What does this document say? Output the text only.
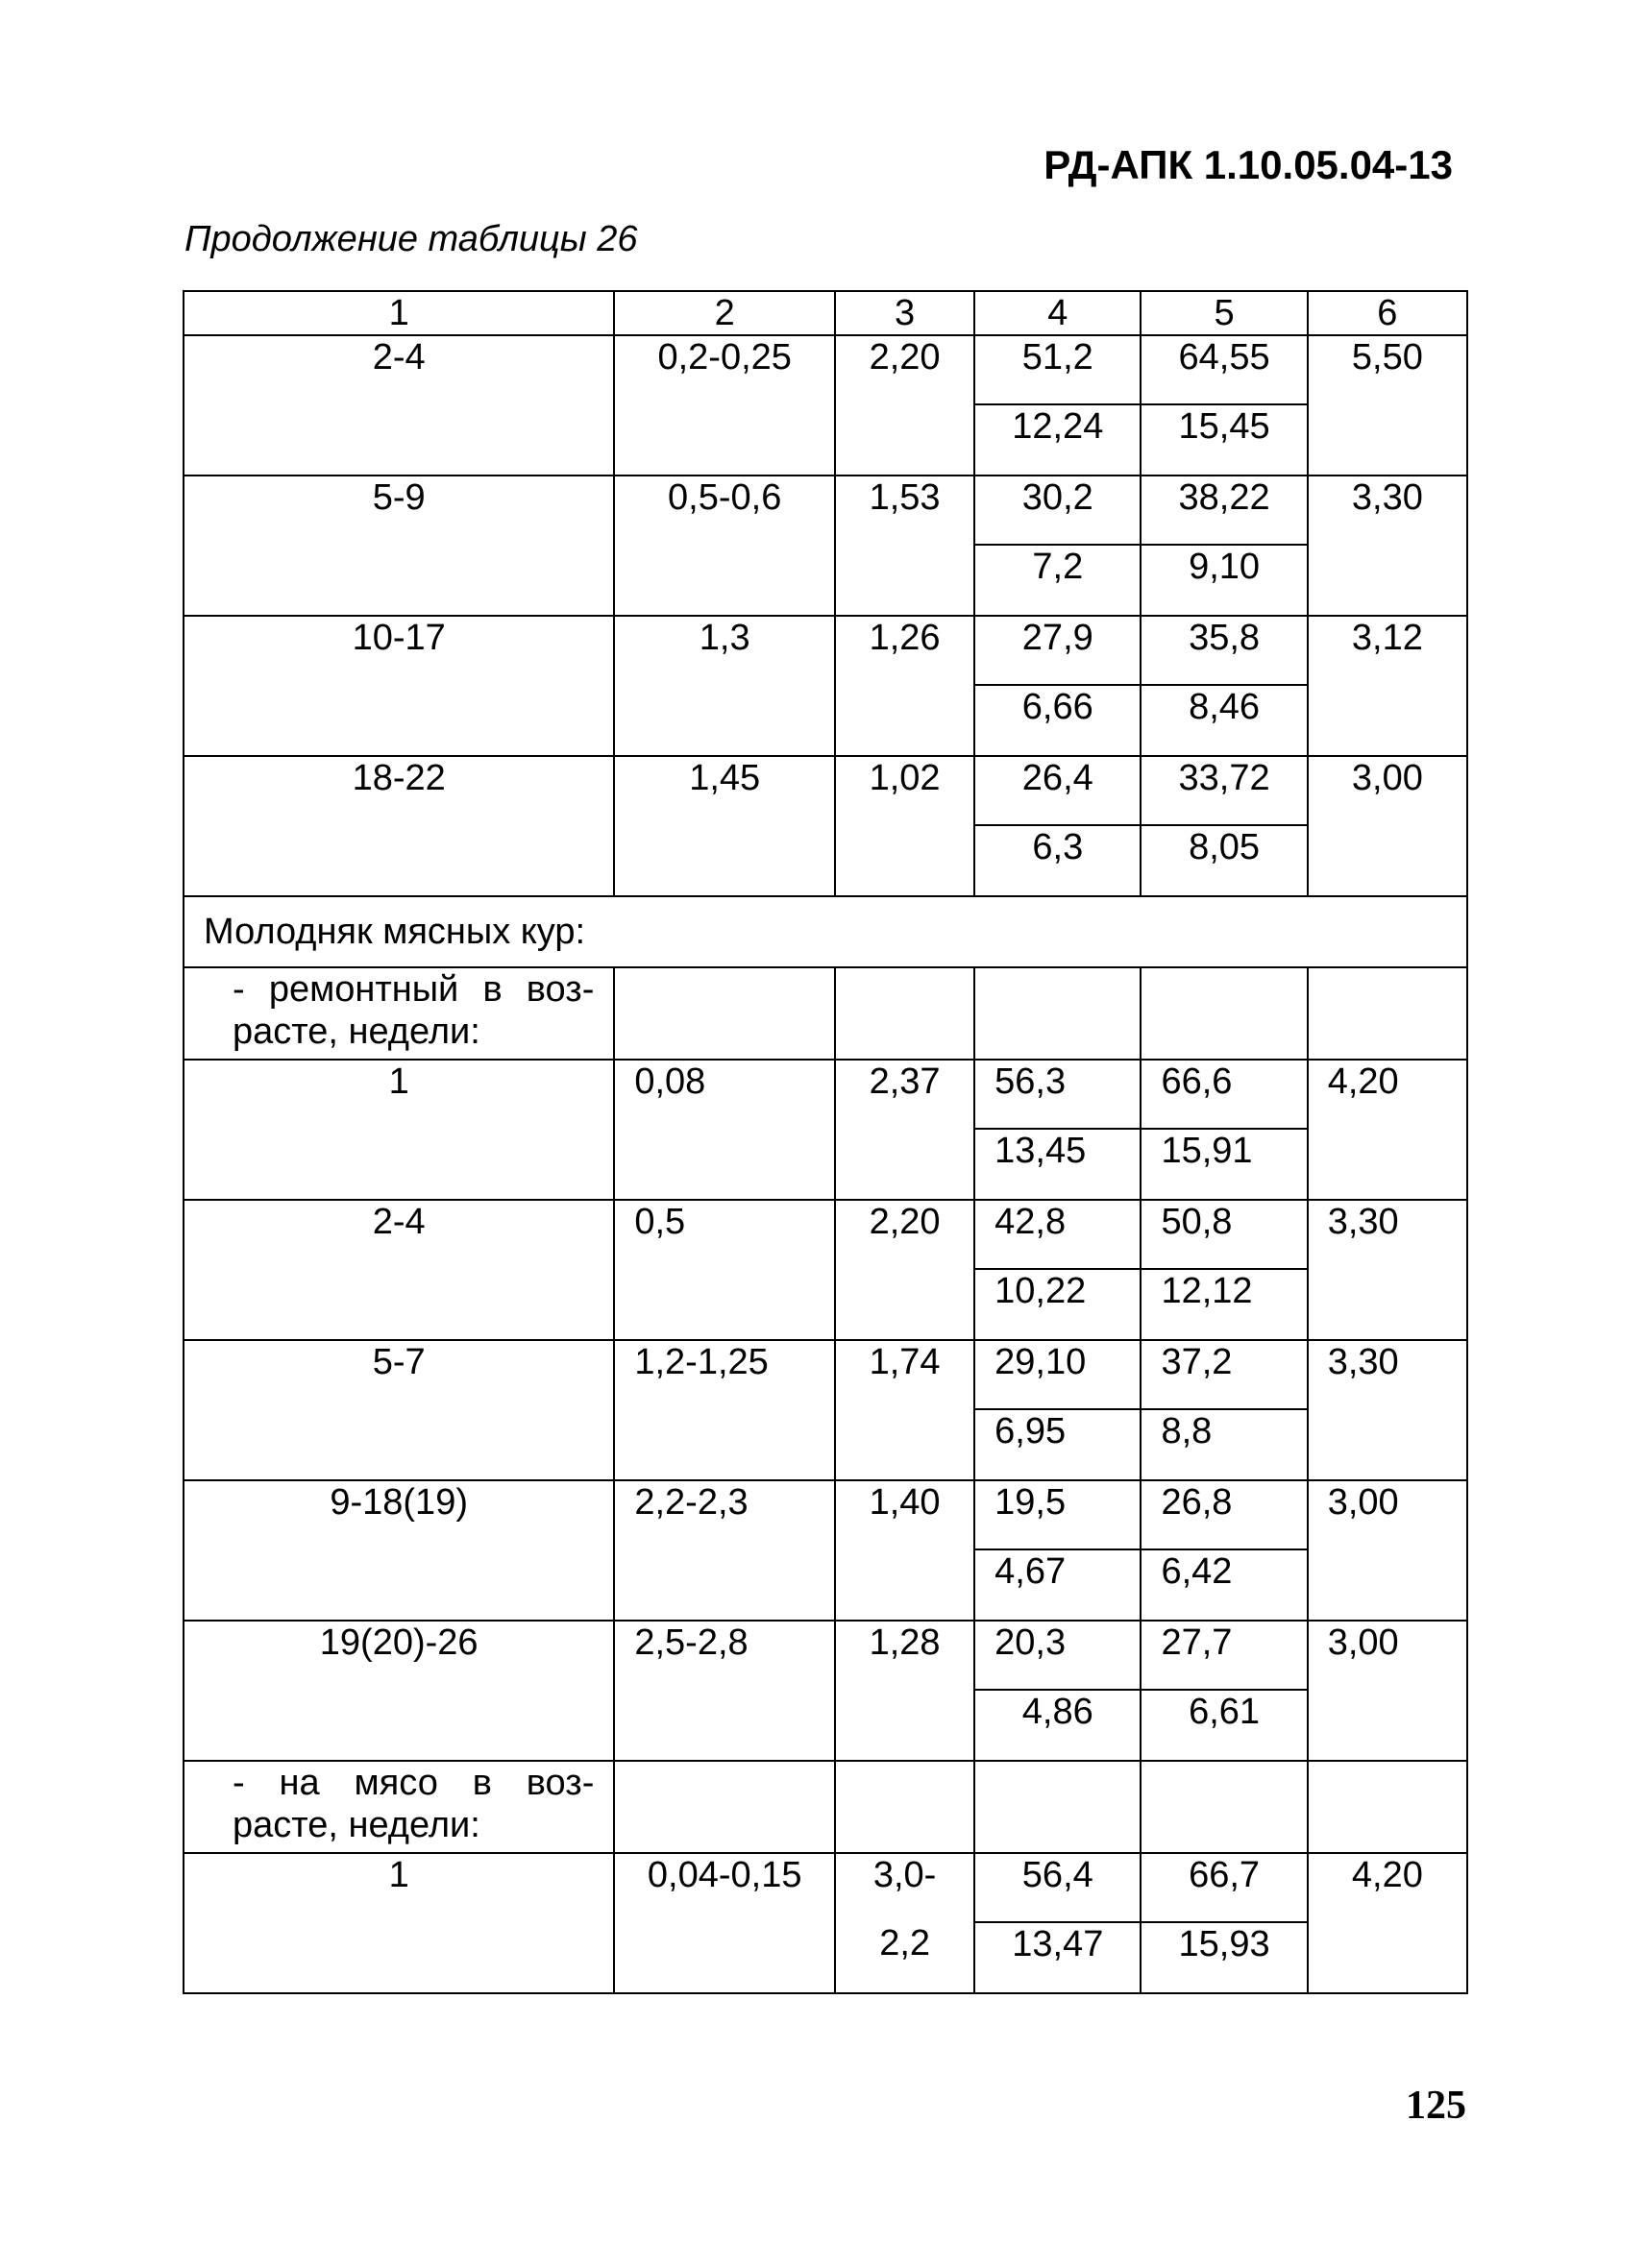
РД-АПК 1.10.05.04-13
Продолжение таблицы 26
1	2	3	4	5	6
2-4	0,2-0,25	2,20	51,2	64,55	5,50
			12,24	15,45	
5-9	0,5-0,6	1,53	30,2	38,22	3,30
			7,2	9,10	
10-17	1,3	1,26	27,9	35,8	3,12
			6,66	8,46	
18-22	1,45	1,02	26,4	33,72	3,00
			6,3	8,05	
Молодняк мясных кур:					
- ремонтный в воз-раcте, недели:					
1	0,08	2,37	56,3	66,6	4,20
			13,45	15,91	
2-4	0,5	2,20	42,8	50,8	3,30
			10,22	12,12	
5-7	1,2-1,25	1,74	29,10	37,2	3,30
			6,95	8,8	
9-18(19)	2,2-2,3	1,40	19,5	26,8	3,00
			4,67	6,42	
19(20)-26	2,5-2,8	1,28	20,3	27,7	3,00
			4,86	6,61	
- на мясо в воз-раcте, недели:					
1	0,04-0,15	3,0-	56,4	66,7	4,20
		2,2	13,47	15,93	
125
